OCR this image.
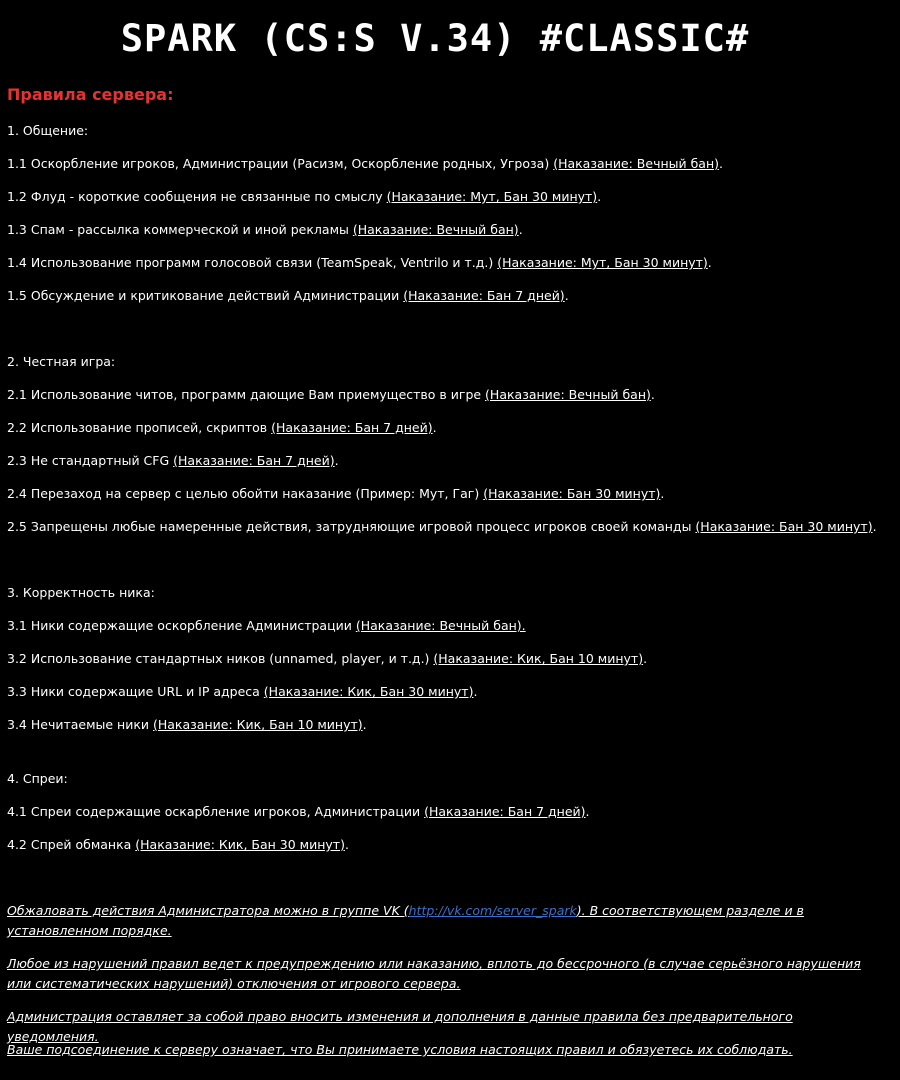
SPARK (CS:S V.34) #CLASSIC#
Правила сервера:
1. Общение:
1.1 Оскорбление игроков, Администрации (Расизм, Оскорбление родных, Угроза) (Наказание: Вечный бан).
1.2 Флуд - короткие сообщения не связанные по смыслу (Наказание: Мут, Бан 30 минут).
1.3 Спам - рассылка коммерческой и иной рекламы (Наказание: Вечный бан).
1.4 Использование программ голосовой связи (TeamSpeak, Ventrilo и т.д.) (Наказание: Мут, Бан 30 минут).
1.5 Обсуждение и критикование действий Администрации (Наказание: Бан 7 дней).
2. Честная игра:
2.1 Использование читов, программ дающие Вам приемущество в игре (Наказание: Вечный бан).
2.2 Использование прописей, скриптов (Наказание: Бан 7 дней).
2.3 Не стандартный CFG (Наказание: Бан 7 дней).
2.4 Перезаход на сервер с целью обойти наказание (Пример: Мут, Гаг) (Наказание: Бан 30 минут).
2.5 Запрещены любые намеренные действия, затрудняющие игровой процесс игроков своей команды (Наказание: Бан 30 минут).
3. Корректность ника:
3.1 Ники содержащие оскорбление Администрации (Наказание: Вечный бан).
3.2 Использование стандартных ников (unnamed, player, и т.д.) (Наказание: Кик, Бан 10 минут).
3.3 Ники содержащие URL и IP адреса (Наказание: Кик, Бан 30 минут).
3.4 Нечитаемые ники (Наказание: Кик, Бан 10 минут).
4. Спреи:
4.1 Спреи содержащие оскарбление игроков, Администрации (Наказание: Бан 7 дней).
4.2 Спрей обманка (Наказание: Кик, Бан 30 минут).
Обжаловать действия Администратора можно в группе VK (http://vk.com/server_spark). В соответствующем разделе и в установленном порядке.
Любое из нарушений правил ведет к предупреждению или наказанию, вплоть до бессрочного (в случае серьёзного нарушения или систематических нарушений) отключения от игрового сервера.
Администрация оставляет за собой право вносить изменения и дополнения в данные правила без предварительного уведомления.
Ваше подсоединение к серверу означает, что Вы принимаете условия настоящих правил и обязуетесь их соблюдать.
